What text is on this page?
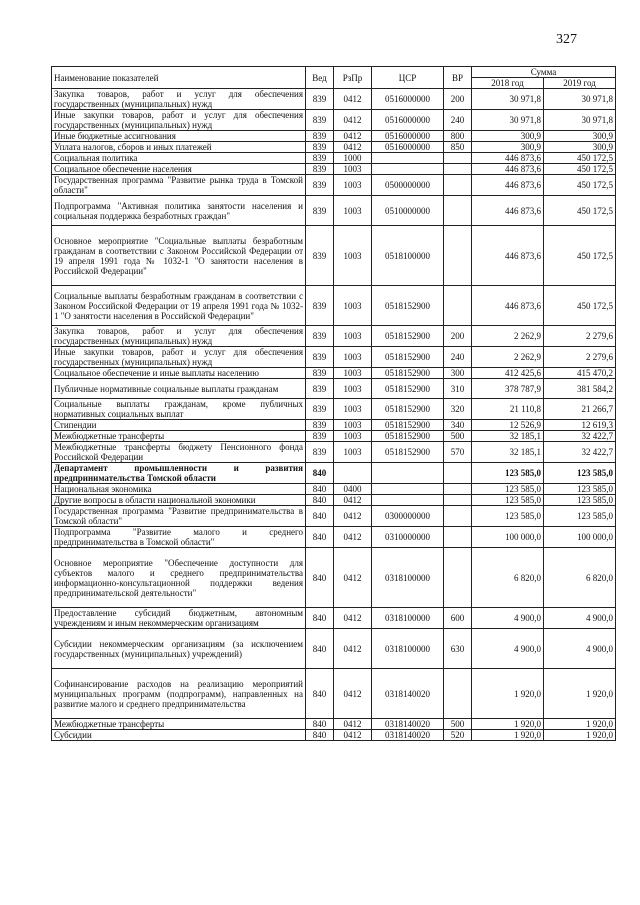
327
Наименование показателей	Вед	РзПр	ЦСР	ВР	Сумма	
					2018 год	2019 год
Закупка товаров, работ и услуг для обеспечения государственных (муниципальных) нужд	839	0412	0516000000	200	30 971,8	30 971,8
Иные закупки товаров, работ и услуг для обеспечения государственных (муниципальных) нужд	839	0412	0516000000	240	30 971,8	30 971,8
Иные бюджетные ассигнования	839	0412	0516000000	800	300,9	300,9
Уплата налогов, сборов и иных платежей	839	0412	0516000000	850	300,9	300,9
Социальная политика	839	1000			446 873,6	450 172,5
Социальное обеспечение населения	839	1003			446 873,6	450 172,5
Государственная программа "Развитие рынка труда в Томской области"	839	1003	0500000000		446 873,6	450 172,5
Подпрограмма "Активная политика занятости населения и социальная поддержка безработных граждан"	839	1003	0510000000		446 873,6	450 172,5
Основное мероприятие "Социальные выплаты безработным гражданам в соответствии с Законом Российской Федерации от 19 апреля 1991 года № 1032-1 "О занятости населения в Российской Федерации"	839	1003	0518100000		446 873,6	450 172,5
Социальные выплаты безработным гражданам в соответствии с Законом Российской Федерации от 19 апреля 1991 года № 1032-1 "О занятости населения в Российской Федерации"	839	1003	0518152900		446 873,6	450 172,5
Закупка товаров, работ и услуг для обеспечения государственных (муниципальных) нужд	839	1003	0518152900	200	2 262,9	2 279,6
Иные закупки товаров, работ и услуг для обеспечения государственных (муниципальных) нужд	839	1003	0518152900	240	2 262,9	2 279,6
Социальное обеспечение и иные выплаты населению	839	1003	0518152900	300	412 425,6	415 470,2
Публичные нормативные социальные выплаты гражданам	839	1003	0518152900	310	378 787,9	381 584,2
Социальные выплаты гражданам, кроме публичных нормативных социальных выплат	839	1003	0518152900	320	21 110,8	21 266,7
Стипендии	839	1003	0518152900	340	12 526,9	12 619,3
Межбюджетные трансферты	839	1003	0518152900	500	32 185,1	32 422,7
Межбюджетные трансферты бюджету Пенсионного фонда Российской Федерации	839	1003	0518152900	570	32 185,1	32 422,7
Департамент промышленности и развития предпринимательства Томской области	840				123 585,0	123 585,0
Национальная экономика	840	0400			123 585,0	123 585,0
Другие вопросы в области национальной экономики	840	0412			123 585,0	123 585,0
Государственная программа "Развитие предпринимательства в Томской области"	840	0412	0300000000		123 585,0	123 585,0
Подпрограмма "Развитие малого и среднего предпринимательства в Томской области"	840	0412	0310000000		100 000,0	100 000,0
Основное мероприятие "Обеспечение доступности для субъектов малого и среднего предпринимательства информационно-консультационной поддержки ведения предпринимательской деятельности"	840	0412	0318100000		6 820,0	6 820,0
Предоставление субсидий бюджетным, автономным учреждениям и иным некоммерческим организациям	840	0412	0318100000	600	4 900,0	4 900,0
Субсидии некоммерческим организациям (за исключением государственных (муниципальных) учреждений)	840	0412	0318100000	630	4 900,0	4 900,0
Софинансирование расходов на реализацию мероприятий муниципальных программ (подпрограмм), направленных на развитие малого и среднего предпринимательства	840	0412	0318140020		1 920,0	1 920,0
Межбюджетные трансферты	840	0412	0318140020	500	1 920,0	1 920,0
Субсидии	840	0412	0318140020	520	1 920,0	1 920,0
